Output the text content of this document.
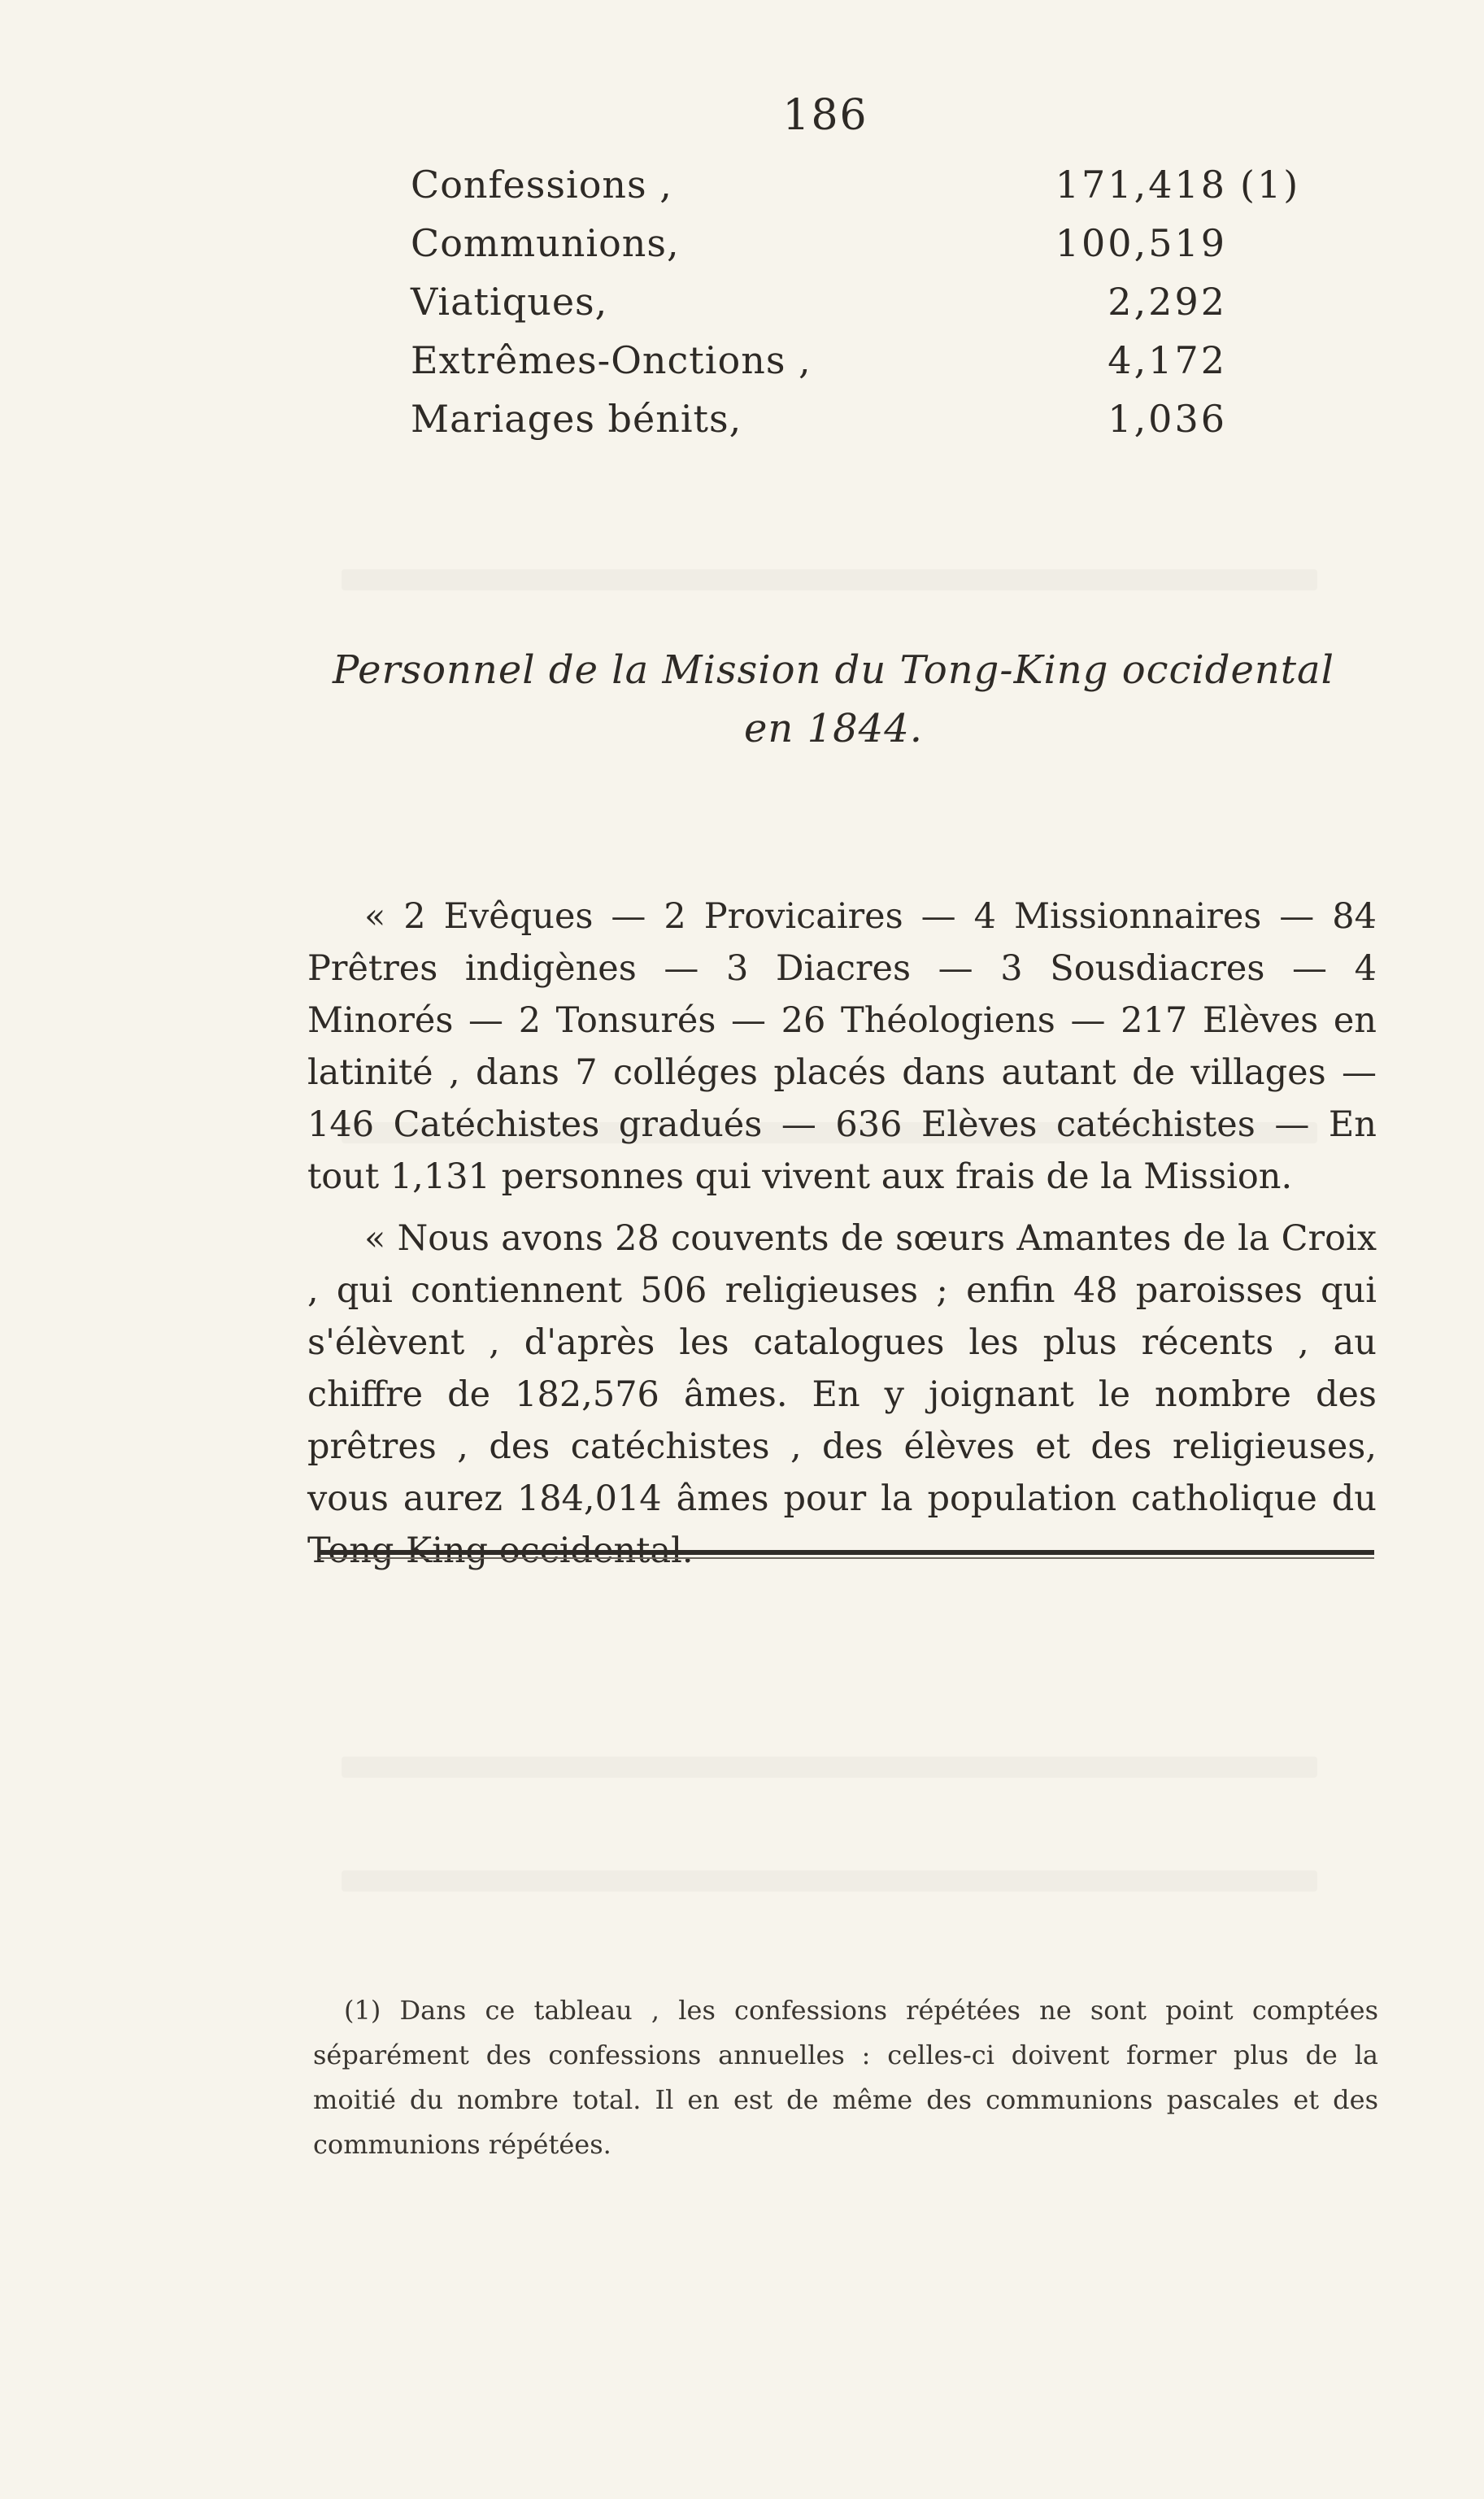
186
Confessions ,	171,418 (1)
Communions,	100,519
Viatiques,	2,292
Extrêmes-Onctions ,	4,172
Mariages bénits,	1,036
Personnel de la Mission du Tong-King occidental
en 1844.

« 2 Evêques — 2 Provicaires — 4 Missionnaires — 84 Prêtres indigènes — 3 Diacres — 3 Sousdiacres — 4 Minorés — 2 Tonsurés — 26 Théologiens — 217 Elèves en latinité , dans 7 colléges placés dans autant de villages — 146 Catéchistes gradués — 636 Elèves catéchistes — En tout 1,131 personnes qui vivent aux frais de la Mission.

« Nous avons 28 couvents de sœurs Amantes de la Croix , qui contiennent 506 religieuses ; enfin 48 paroisses qui s'élèvent , d'après les catalogues les plus récents , au chiffre de 182,576 âmes. En y joignant le nombre des prêtres , des catéchistes , des élèves et des religieuses, vous aurez 184,014 âmes pour la population catholique du Tong-King occidental.

(1) Dans ce tableau , les confessions répétées ne sont point comptées séparément des confessions annuelles : celles-ci doivent former plus de la moitié du nombre total. Il en est de même des communions pascales et des communions répétées.
